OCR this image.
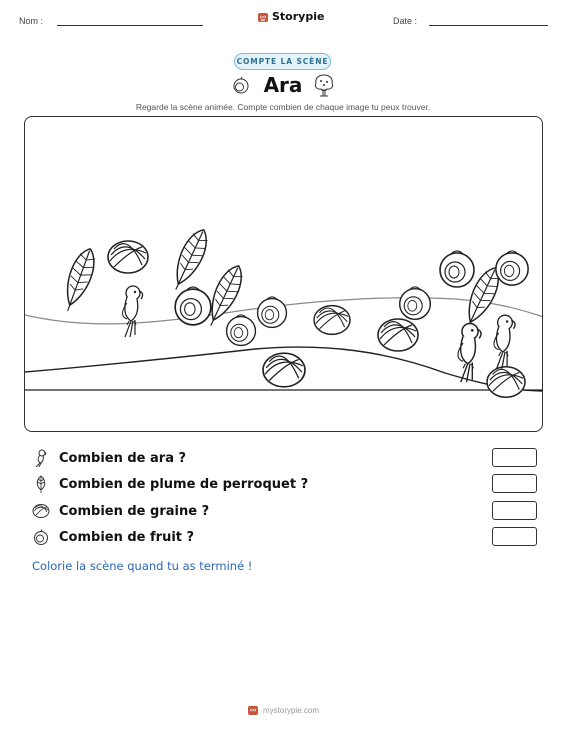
Nom :	Storypie	Date :
COMPTE LA SCÈNE
Ara
Regarde la scène animée. Compte combien de chaque image tu peux trouver.
Combien de ara ?
Combien de plume de perroquet ?
Combien de graine ?
Combien de fruit ?
Colorie la scène quand tu as terminé !
mystorypie.com
